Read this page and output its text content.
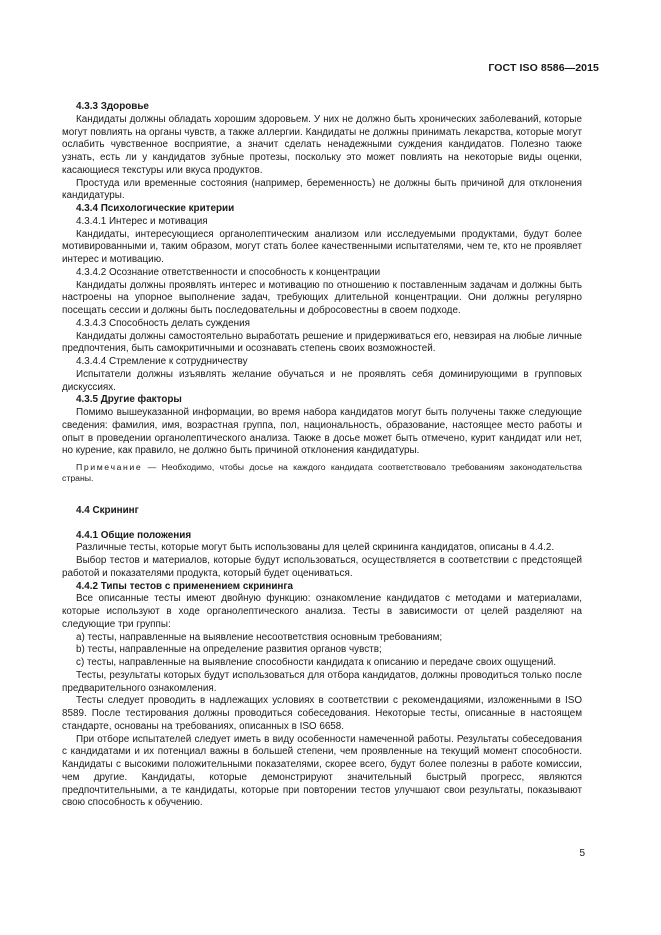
ГОСТ ISO 8586—2015

4.3.3 Здоровье

Кандидаты должны обладать хорошим здоровьем. У них не должно быть хронических заболеваний, которые могут повлиять на органы чувств, а также аллергии. Кандидаты не должны принимать лекарства, которые могут ослабить чувственное восприятие, а значит сделать ненадежными суждения кандидатов. Полезно также узнать, есть ли у кандидатов зубные протезы, поскольку это может повлиять на некоторые виды оценки, касающиеся текстуры или вкуса продуктов.

Простуда или временные состояния (например, беременность) не должны быть причиной для отклонения кандидатуры.

4.3.4 Психологические критерии

4.3.4.1 Интерес и мотивация

Кандидаты, интересующиеся органолептическим анализом или исследуемыми продуктами, будут более мотивированными и, таким образом, могут стать более качественными испытателями, чем те, кто не проявляет интерес и мотивацию.

4.3.4.2 Осознание ответственности и способность к концентрации

Кандидаты должны проявлять интерес и мотивацию по отношению к поставленным задачам и должны быть настроены на упорное выполнение задач, требующих длительной концентрации. Они должны регулярно посещать сессии и должны быть последовательны и добросовестны в своем подходе.

4.3.4.3 Способность делать суждения

Кандидаты должны самостоятельно выработать решение и придерживаться его, невзирая на любые личные предпочтения, быть самокритичными и осознавать степень своих возможностей.

4.3.4.4 Стремление к сотрудничеству

Испытатели должны изъявлять желание обучаться и не проявлять себя доминирующими в групповых дискуссиях.

4.3.5 Другие факторы

Помимо вышеуказанной информации, во время набора кандидатов могут быть получены также следующие сведения: фамилия, имя, возрастная группа, пол, национальность, образование, настоящее место работы и опыт в проведении органолептического анализа. Также в досье может быть отмечено, курит кандидат или нет, но курение, как правило, не должно быть причиной отклонения кандидатуры.

Примечание — Необходимо, чтобы досье на каждого кандидата соответствовало требованиям законодательства страны.

4.4 Скрининг

4.4.1 Общие положения

Различные тесты, которые могут быть использованы для целей скрининга кандидатов, описаны в 4.4.2.

Выбор тестов и материалов, которые будут использоваться, осуществляется в соответствии с предстоящей работой и показателями продукта, который будет оцениваться.

4.4.2 Типы тестов с применением скрининга

Все описанные тесты имеют двойную функцию: ознакомление кандидатов с методами и материалами, которые используют в ходе органолептического анализа. Тесты в зависимости от целей разделяют на следующие три группы:

a) тесты, направленные на выявление несоответствия основным требованиям;

b) тесты, направленные на определение развития органов чувств;

c) тесты, направленные на выявление способности кандидата к описанию и передаче своих ощущений.

Тесты, результаты которых будут использоваться для отбора кандидатов, должны проводиться только после предварительного ознакомления.

Тесты следует проводить в надлежащих условиях в соответствии с рекомендациями, изложенными в ISO 8589. После тестирования должны проводиться собеседования. Некоторые тесты, описанные в настоящем стандарте, основаны на требованиях, описанных в ISO 6658.

При отборе испытателей следует иметь в виду особенности намеченной работы. Результаты собеседования с кандидатами и их потенциал важны в большей степени, чем проявленные на текущий момент способности. Кандидаты с высокими положительными показателями, скорее всего, будут более полезны в работе комиссии, чем другие. Кандидаты, которые демонстрируют значительный быстрый прогресс, являются предпочтительными, а те кандидаты, которые при повторении тестов улучшают свои результаты, показывают свою способность к обучению.

5
